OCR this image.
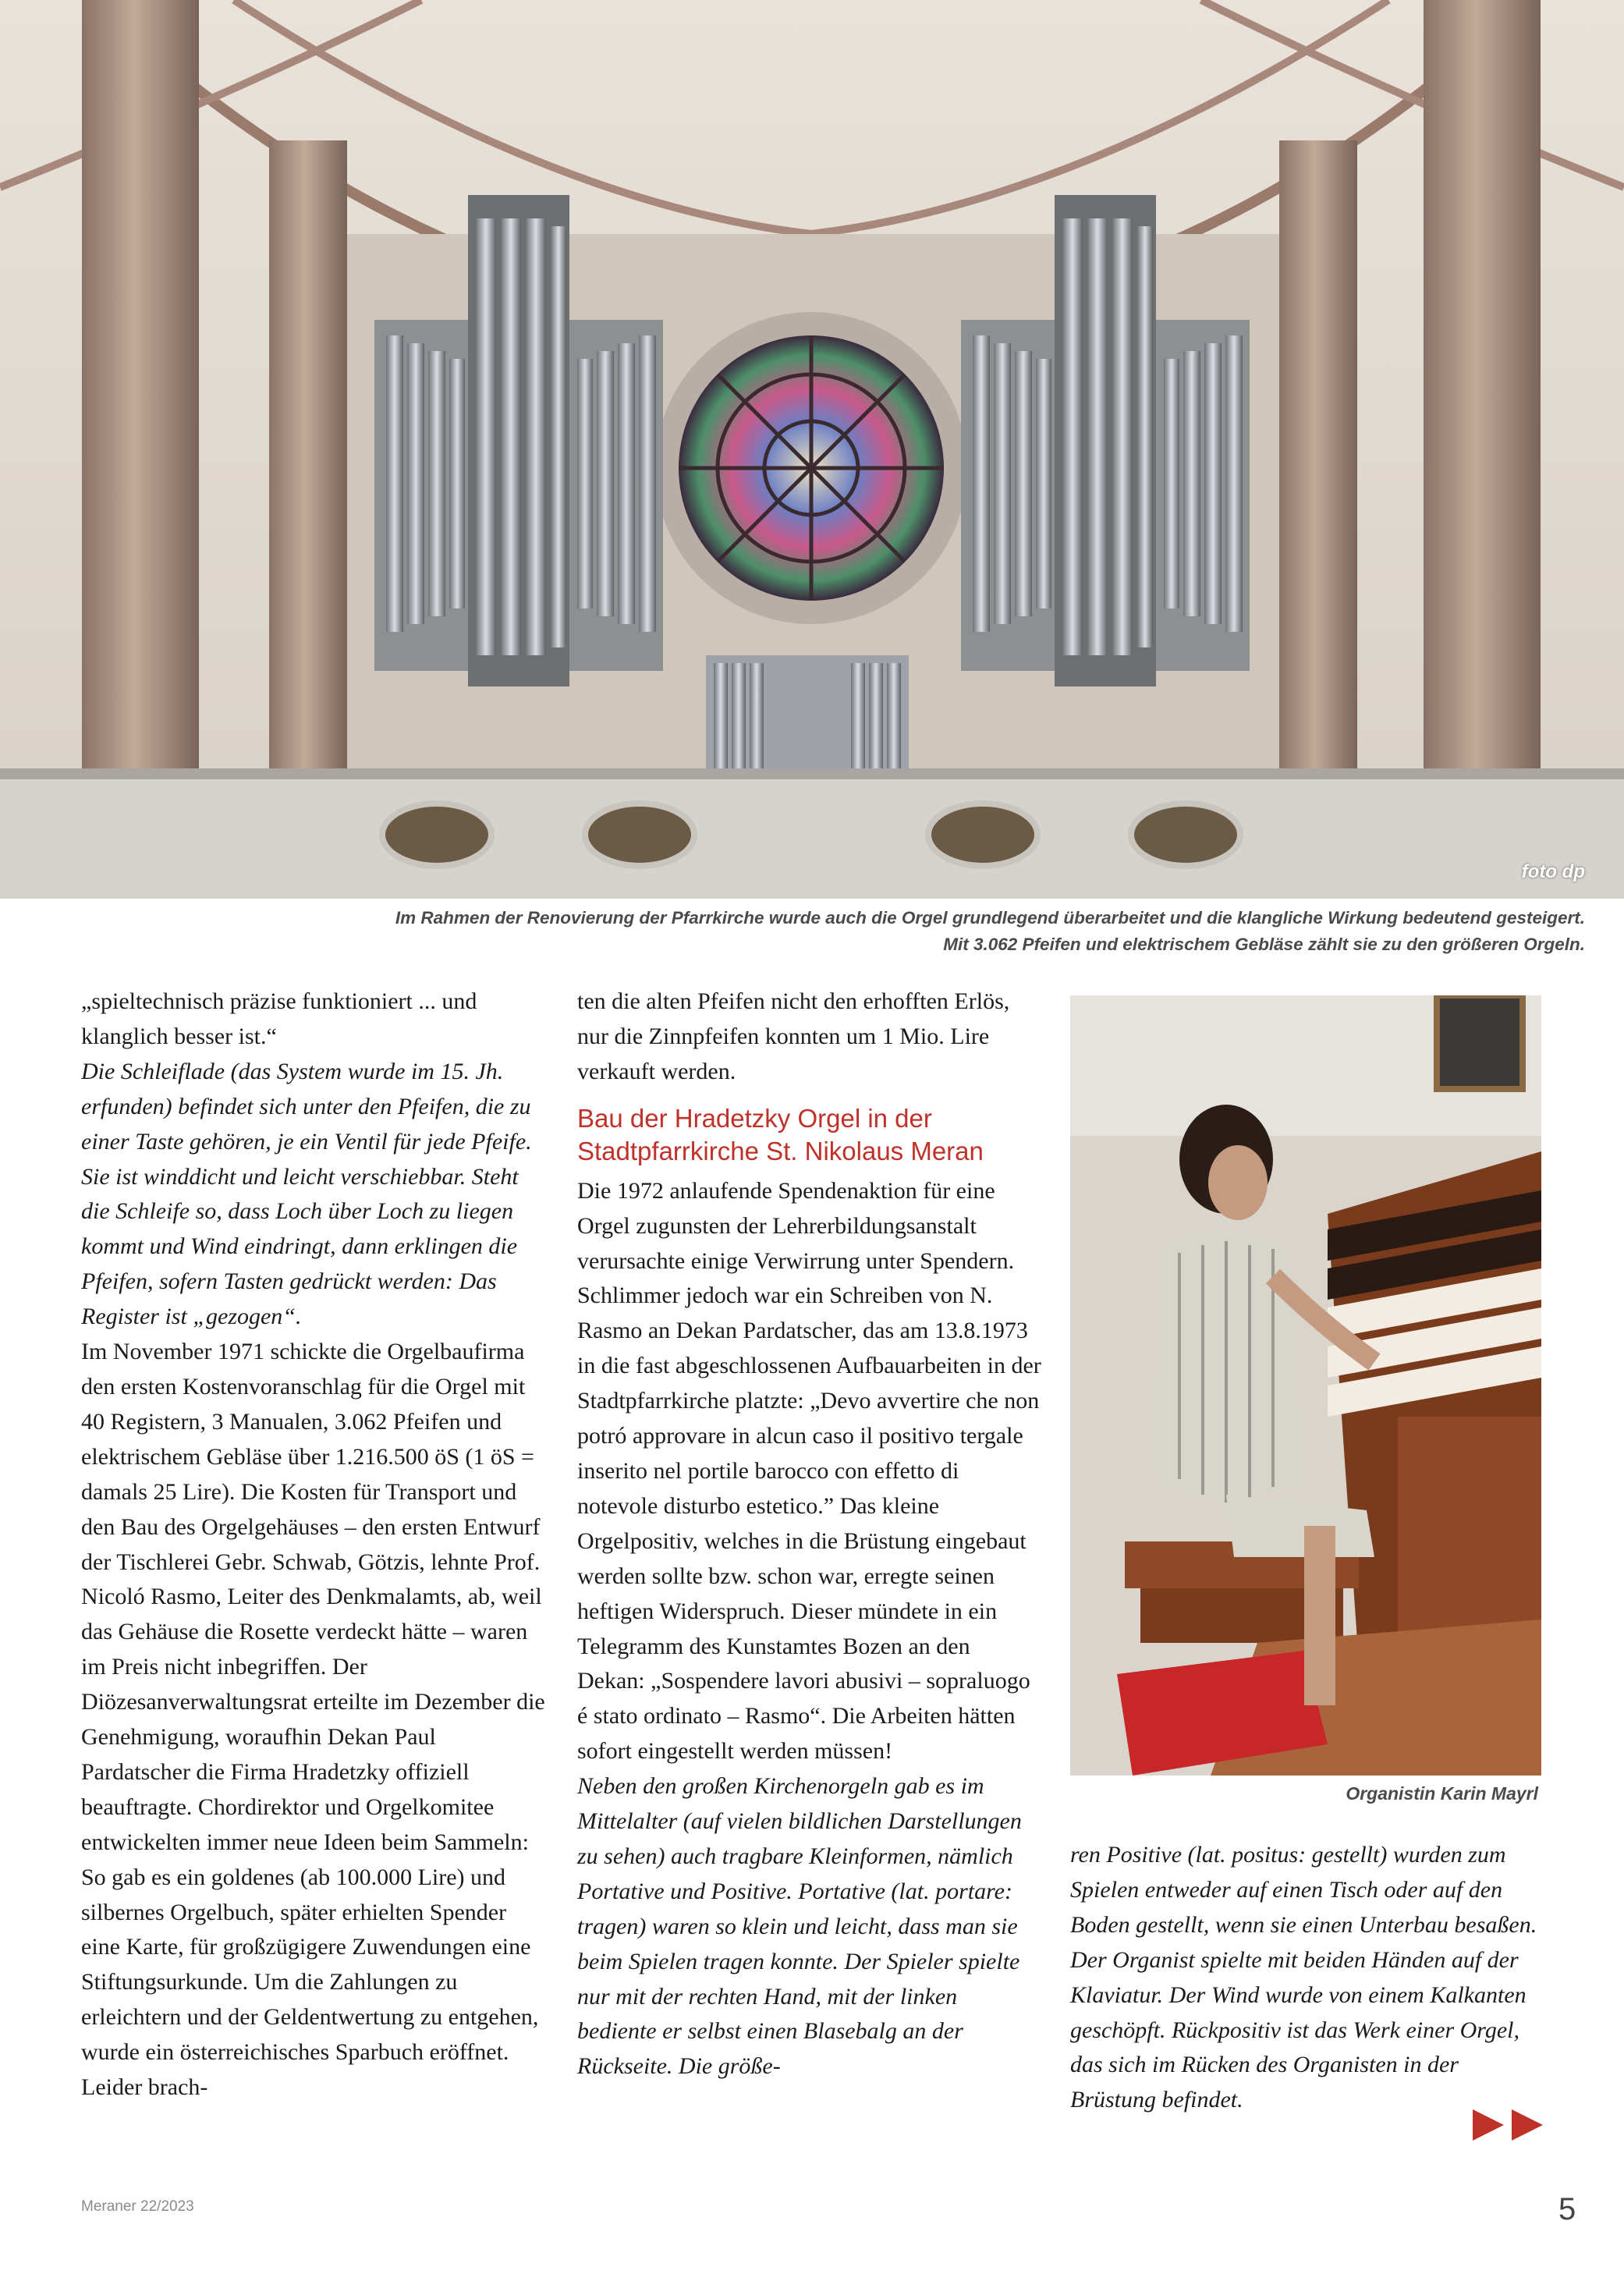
foto dp
Im Rahmen der Renovierung der Pfarrkirche wurde auch die Orgel grundlegend überarbeitet und die klangliche Wirkung bedeutend gesteigert.
Mit 3.062 Pfeifen und elektrischem Gebläse zählt sie zu den größeren Orgeln.

„spieltechnisch präzise funktioniert ... und klanglich besser ist.“

Die Schleiflade (das System wurde im 15. Jh. erfunden) befindet sich unter den Pfeifen, die zu einer Taste gehören, je ein Ventil für jede Pfeife. Sie ist winddicht und leicht verschiebbar. Steht die Schleife so, dass Loch über Loch zu liegen kommt und Wind eindringt, dann erklingen die Pfeifen, sofern Tasten gedrückt werden: Das Register ist „gezogen“.

Im November 1971 schickte die Orgelbaufirma den ersten Kostenvoranschlag für die Orgel mit 40 Registern, 3 Manualen, 3.062 Pfeifen und elektrischem Gebläse über 1.216.500 öS (1 öS = damals 25 Lire). Die Kosten für Transport und den Bau des Orgelgehäuses – den ersten Entwurf der Tischlerei Gebr. Schwab, Götzis, lehnte Prof. Nicoló Rasmo, Leiter des Denkmalamts, ab, weil das Gehäuse die Rosette verdeckt hätte – waren im Preis nicht inbegriffen. Der Diözesanverwaltungsrat erteilte im Dezember die Genehmigung, woraufhin Dekan Paul Pardatscher die Firma Hradetzky offiziell beauftragte. Chordirektor und Orgelkomitee entwickelten immer neue Ideen beim Sammeln: So gab es ein goldenes (ab 100.000 Lire) und silbernes Orgelbuch, später erhielten Spender eine Karte, für großzügigere Zuwendungen eine Stiftungsurkunde. Um die Zahlungen zu erleichtern und der Geldentwertung zu entgehen, wurde ein österreichisches Sparbuch eröffnet. Leider brach-

ten die alten Pfeifen nicht den erhofften Erlös, nur die Zinnpfeifen konnten um 1 Mio. Lire verkauft werden.

Bau der Hradetzky Orgel in der Stadtpfarrkirche St. Nikolaus Meran

Die 1972 anlaufende Spendenaktion für eine Orgel zugunsten der Lehrerbildungsanstalt verursachte einige Verwirrung unter Spendern. Schlimmer jedoch war ein Schreiben von N. Rasmo an Dekan Pardatscher, das am 13.8.1973 in die fast abgeschlossenen Aufbauarbeiten in der Stadtpfarrkirche platzte: „Devo avvertire che non potró approvare in alcun caso il positivo tergale inserito nel portile barocco con effetto di notevole disturbo estetico.” Das kleine Orgelpositiv, welches in die Brüstung eingebaut werden sollte bzw. schon war, erregte seinen heftigen Widerspruch. Dieser mündete in ein Telegramm des Kunstamtes Bozen an den Dekan: „Sospendere lavori abusivi – sopraluogo é stato ordinato – Rasmo“. Die Arbeiten hätten sofort eingestellt werden müssen!

Neben den großen Kirchenorgeln gab es im Mittelalter (auf vielen bildlichen Darstellungen zu sehen) auch tragbare Kleinformen, nämlich Portative und Positive. Portative (lat. portare: tragen) waren so klein und leicht, dass man sie beim Spielen tragen konnte. Der Spieler spielte nur mit der rechten Hand, mit der linken bediente er selbst einen Blasebalg an der Rückseite. Die größe-

Organistin Karin Mayrl

ren Positive (lat. positus: gestellt) wurden zum Spielen entweder auf einen Tisch oder auf den Boden gestellt, wenn sie einen Unterbau besaßen. Der Organist spielte mit beiden Händen auf der Klaviatur. Der Wind wurde von einem Kalkanten geschöpft. Rückpositiv ist das Werk einer Orgel, das sich im Rücken des Organisten in der Brüstung befindet.

Meraner 22/2023	5
